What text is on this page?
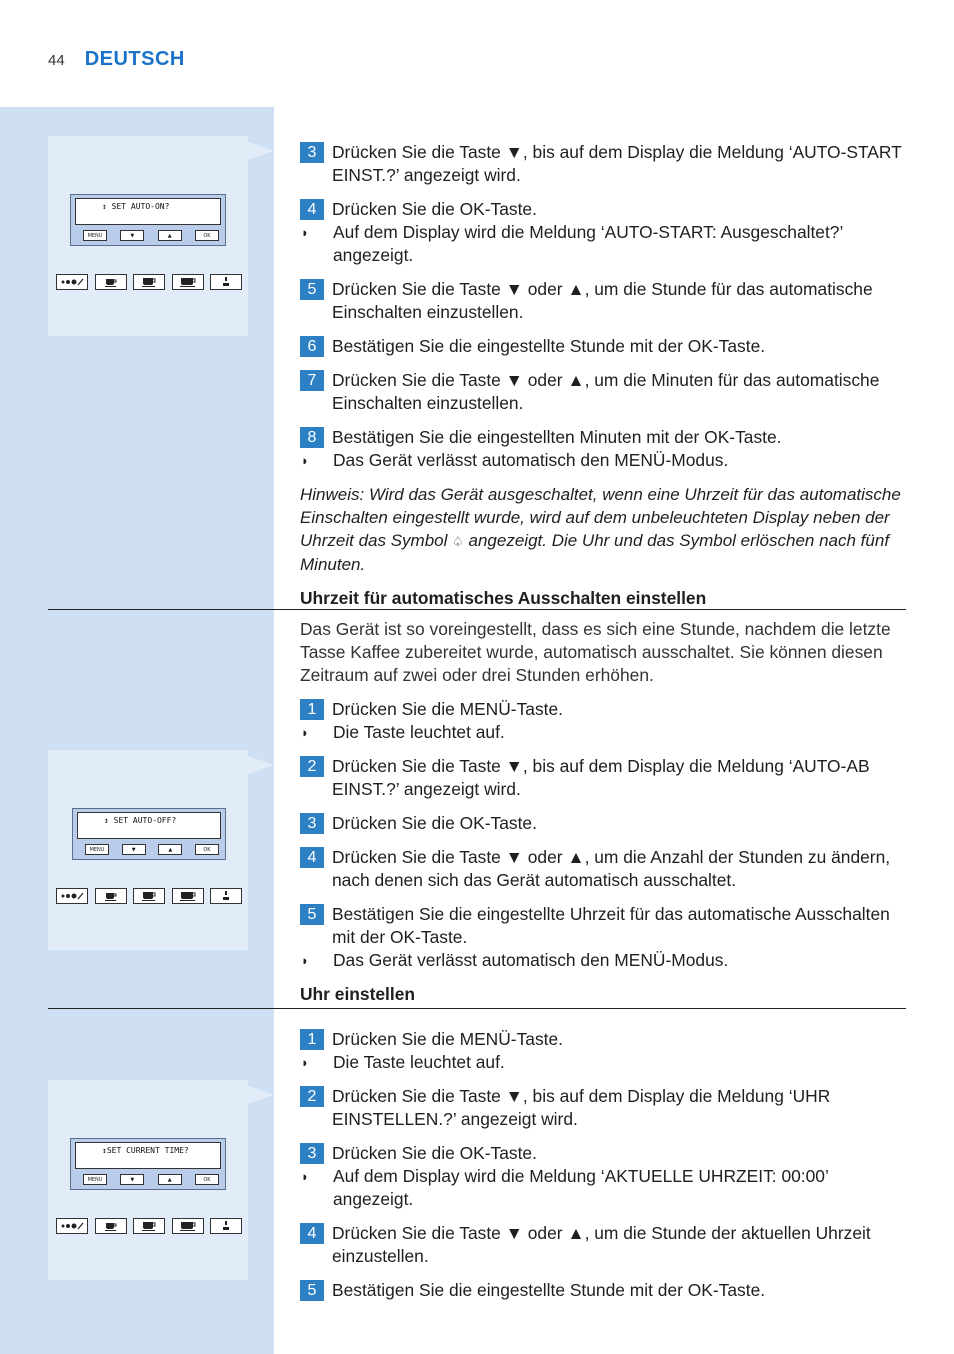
44 DEUTSCH
↕ SET AUTO-ON?
MENU	▼	▲	OK
↕ SET AUTO-OFF?
MENU	▼	▲	OK
↕SET CURRENT TIME?
MENU	▼	▲	OK
3 Drücken Sie die Taste ▼, bis auf dem Display die Meldung ‘AUTO-START EINST.?’ angezeigt wird.
4 Drücken Sie die OK-Taste.
◗	Auf dem Display wird die Meldung ‘AUTO-START: Ausgeschaltet?’ angezeigt.
5 Drücken Sie die Taste ▼ oder ▲, um die Stunde für das automatische Einschalten einzustellen.
6 Bestätigen Sie die eingestellte Stunde mit der OK-Taste.
7 Drücken Sie die Taste ▼ oder ▲, um die Minuten für das automatische Einschalten einzustellen.
8 Bestätigen Sie die eingestellten Minuten mit der OK-Taste.
◗	Das Gerät verlässt automatisch den MENÜ-Modus.

Hinweis: Wird das Gerät ausgeschaltet, wenn eine Uhrzeit für das automatische Einschalten eingestellt wurde, wird auf dem unbeleuchteten Display neben der Uhrzeit das Symbol ♤ angezeigt. Die Uhr und das Symbol erlöschen nach fünf Minuten.

Uhrzeit für automatisches Ausschalten einstellen

Das Gerät ist so voreingestellt, dass es sich eine Stunde, nachdem die letzte Tasse Kaffee zubereitet wurde, automatisch ausschaltet. Sie können diesen Zeitraum auf zwei oder drei Stunden erhöhen.

1 Drücken Sie die MENÜ-Taste.
◗	Die Taste leuchtet auf.
2 Drücken Sie die Taste ▼, bis auf dem Display die Meldung ‘AUTO-AB EINST.?’ angezeigt wird.
3 Drücken Sie die OK-Taste.
4 Drücken Sie die Taste ▼ oder ▲, um die Anzahl der Stunden zu ändern, nach denen sich das Gerät automatisch ausschaltet.
5 Bestätigen Sie die eingestellte Uhrzeit für das automatische Ausschalten mit der OK-Taste.
◗	Das Gerät verlässt automatisch den MENÜ-Modus.

Uhr einstellen

1 Drücken Sie die MENÜ-Taste.
◗	Die Taste leuchtet auf.
2 Drücken Sie die Taste ▼, bis auf dem Display die Meldung ‘UHR EINSTELLEN.?’ angezeigt wird.
3 Drücken Sie die OK-Taste.
◗	Auf dem Display wird die Meldung ‘AKTUELLE UHRZEIT: 00:00’ angezeigt.
4 Drücken Sie die Taste ▼ oder ▲, um die Stunde der aktuellen Uhrzeit einzustellen.
5 Bestätigen Sie die eingestellte Stunde mit der OK-Taste.
